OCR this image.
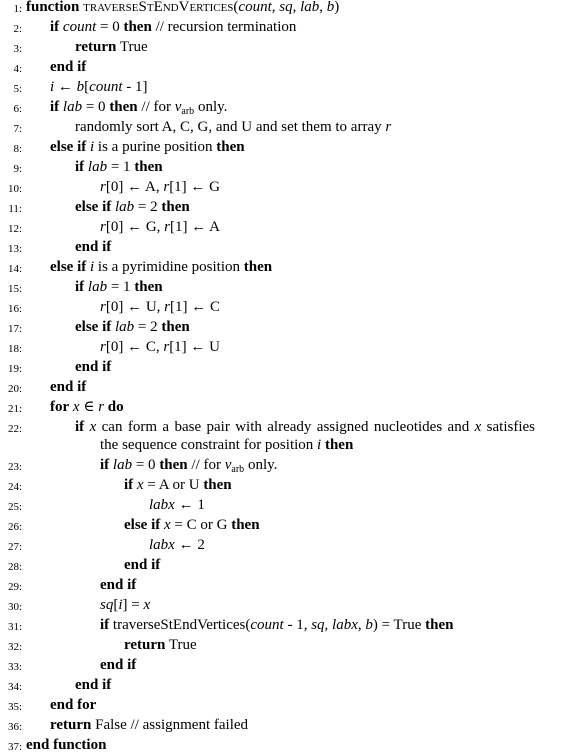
1: function traverseStEndVertices(count, sq, lab, b)
2: if count = 0 then // recursion termination
3:	return True
4: end if
5: i ← b[count - 1]
6: if lab = 0 then // for $v_{arb}$ only.
7:	randomly sort A, C, G, and U and set them to array r
8: else if i is a purine position then
9:	if lab = 1 then
10:	r[0] ← A, r[1] ← G
11:	else if lab = 2 then
12:	r[0] ← G, r[1] ← A
13:	end if
14: else if i is a pyrimidine position then
15:	if lab = 1 then
16:	r[0] ← U, r[1] ← C
17:	else if lab = 2 then
18:	r[0] ← C, r[1] ← U
19:	end if
20: end if
21: for x ∈ r do
22:	if x can form a base pair with already assigned nucleotides and x satisfies the sequence constraint for position i then
23:	if lab = 0 then // for $v_{arb}$ only.
24:	if x = A or U then
25:	labx ← 1
26:	else if x = C or G then
27:	labx ← 2
28:	end if
29:	end if
30:	sq[i] = x
31:	if traverseStEndVertices(count - 1, sq, labx, b) = True then
32:	return True
33:	end if
34:	end if
35: end for
36: return False // assignment failed
37: end function
